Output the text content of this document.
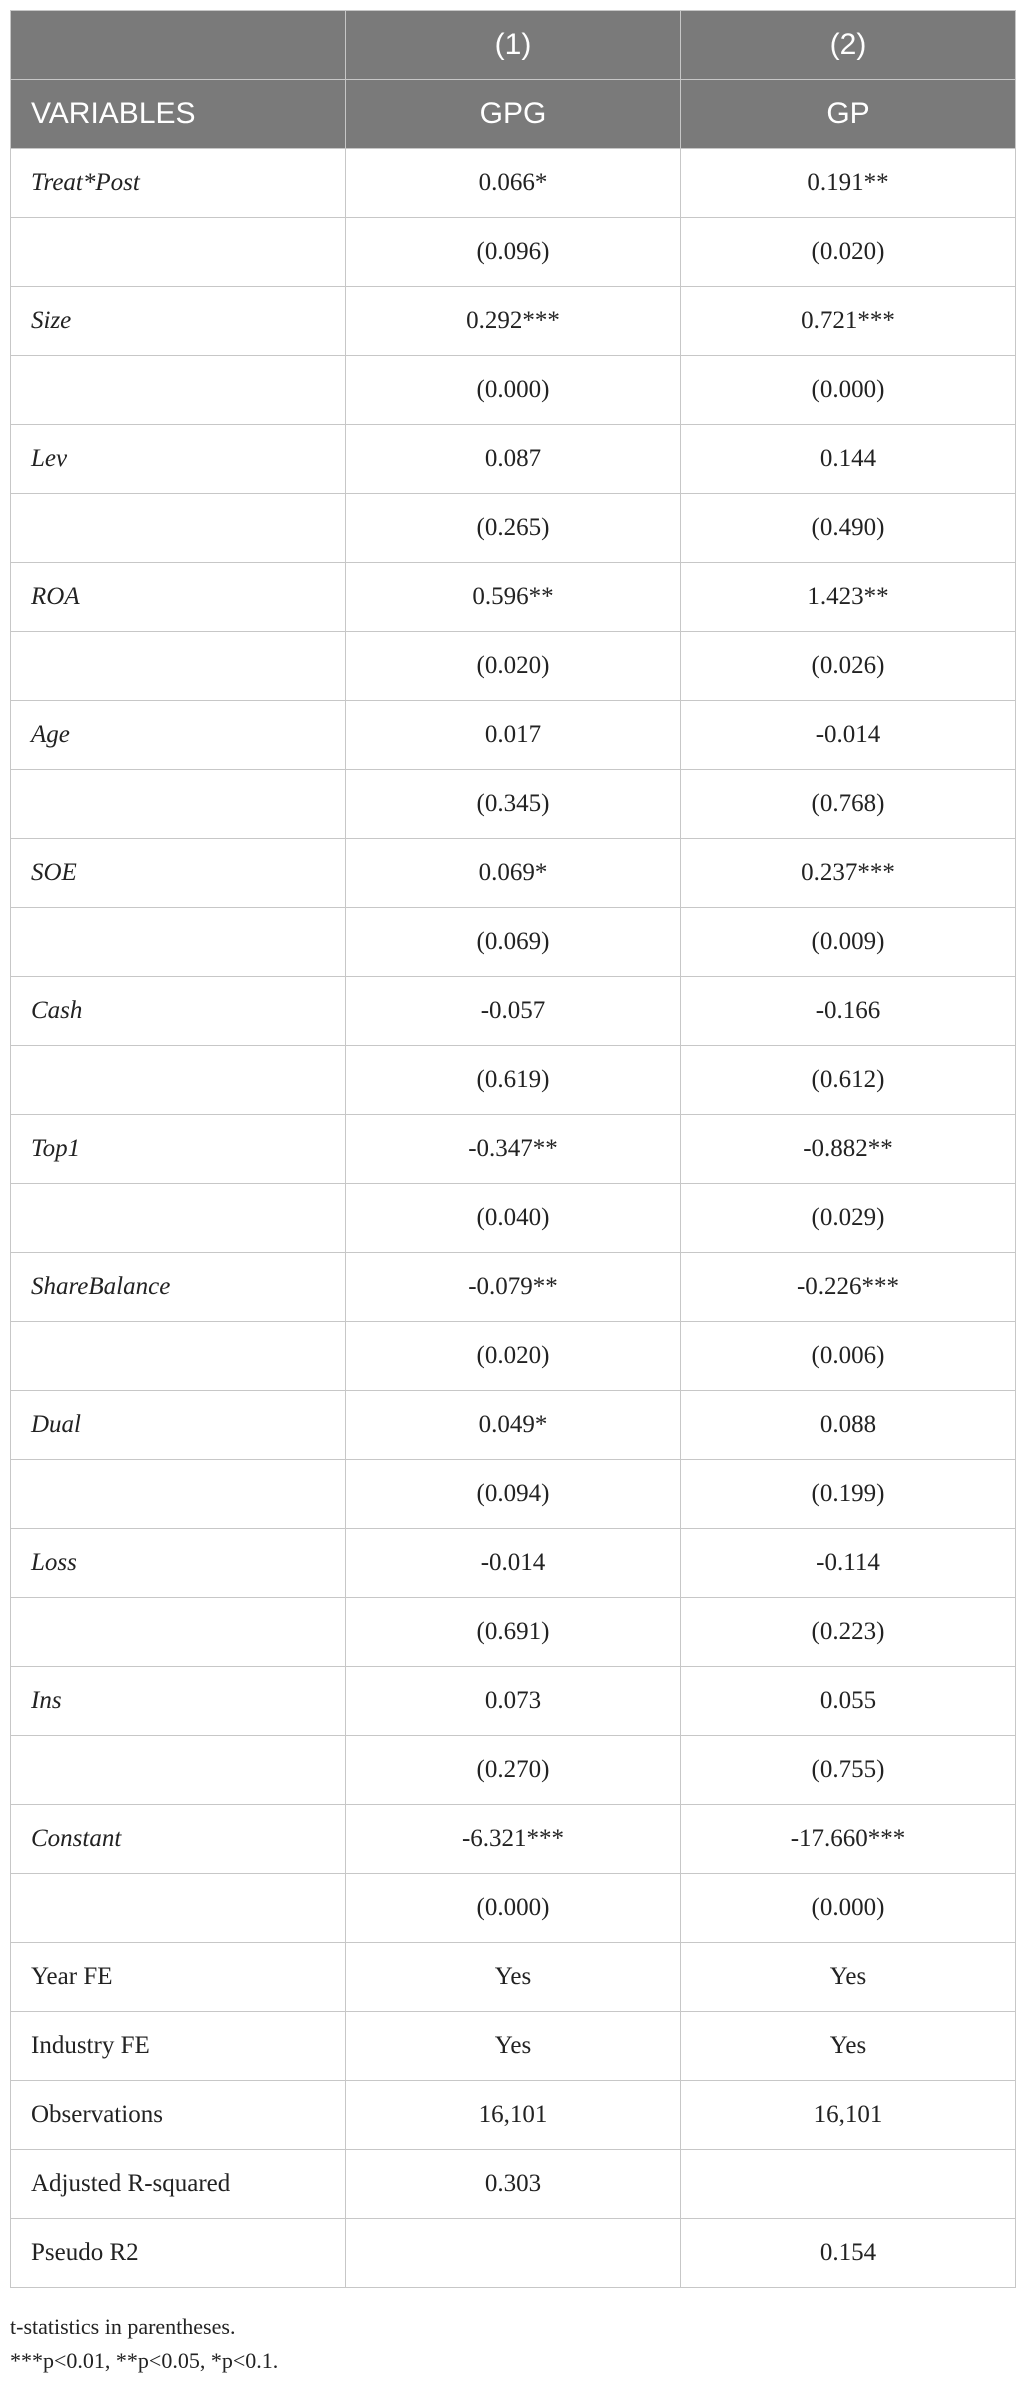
	(1)	(2)
VARIABLES	GPG	GP
Treat*Post	0.066*	0.191**
	(0.096)	(0.020)
Size	0.292***	0.721***
	(0.000)	(0.000)
Lev	0.087	0.144
	(0.265)	(0.490)
ROA	0.596**	1.423**
	(0.020)	(0.026)
Age	0.017	-0.014
	(0.345)	(0.768)
SOE	0.069*	0.237***
	(0.069)	(0.009)
Cash	-0.057	-0.166
	(0.619)	(0.612)
Top1	-0.347**	-0.882**
	(0.040)	(0.029)
ShareBalance	-0.079**	-0.226***
	(0.020)	(0.006)
Dual	0.049*	0.088
	(0.094)	(0.199)
Loss	-0.014	-0.114
	(0.691)	(0.223)
Ins	0.073	0.055
	(0.270)	(0.755)
Constant	-6.321***	-17.660***
	(0.000)	(0.000)
Year FE	Yes	Yes
Industry FE	Yes	Yes
Observations	16,101	16,101
Adjusted R-squared	0.303	
Pseudo R2		0.154
t-statistics in parentheses.
***p<0.01, **p<0.05, *p<0.1.
